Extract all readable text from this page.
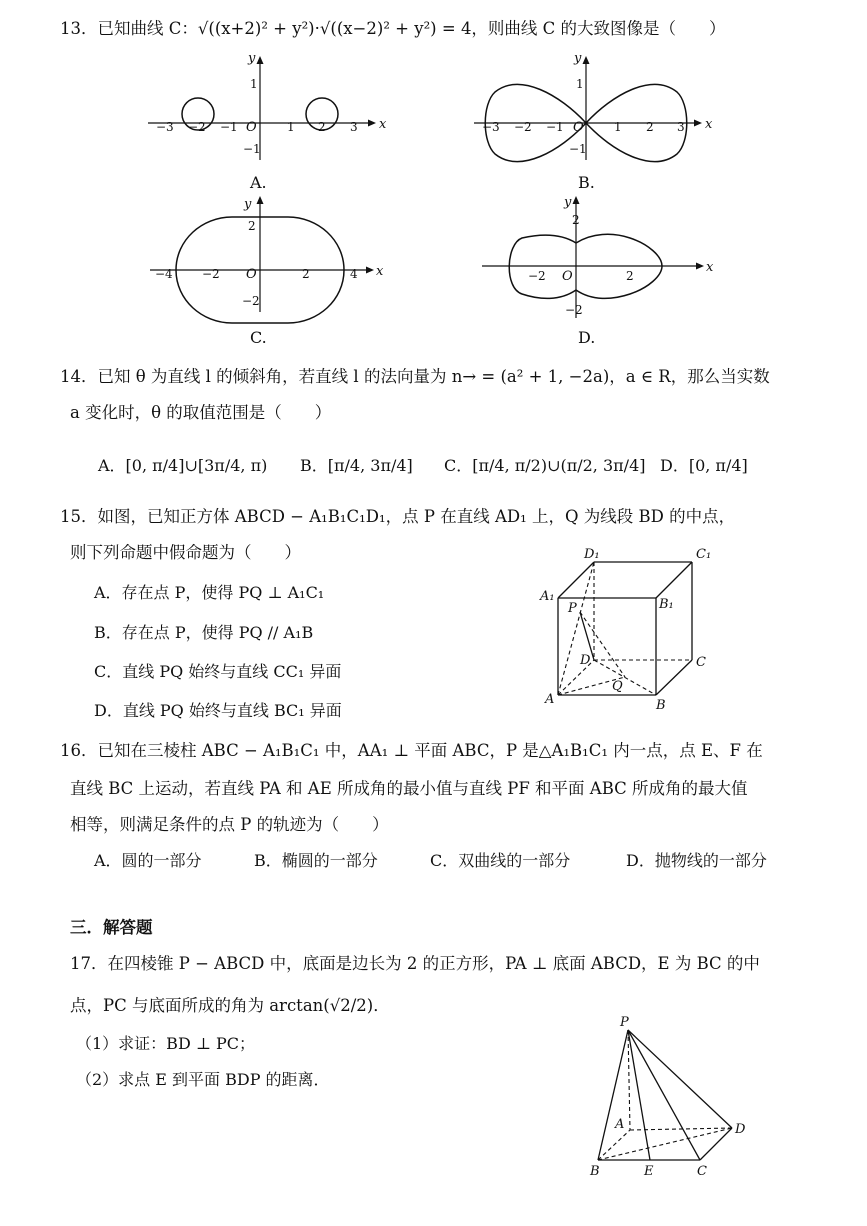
13．已知曲线 C：√((x+2)² + y²)·√((x−2)² + y²) = 4，则曲线 C 的大致图像是（　　）
x
y
−3 −2 −1 O	1 2 3
1
−1
A.
x
y
−3 −2 −1 O	1 2 3
1
−1
B.
x
y
−4 −2 O	2	4
2
−2
C.
x
y
−2 O	2
2
−2
D.
14．已知 θ 为直线 l 的倾斜角，若直线 l 的法向量为 n→ = (a² + 1, −2a)，a ∈ R，那么当实数
a 变化时，θ 的取值范围是（　　）
A．[0, π/4]∪[3π/4, π) B．[π/4, 3π/4] C．[π/4, π/2)∪(π/2, 3π/4] D．[0, π/4]
15．如图，已知正方体 ABCD − A₁B₁C₁D₁，点 P 在直线 AD₁ 上，Q 为线段 BD 的中点，
则下列命题中假命题为（　　）
A．存在点 P，使得 PQ ⊥ A₁C₁
B．存在点 P，使得 PQ // A₁B
C．直线 PQ 始终与直线 CC₁ 异面
D．直线 PQ 始终与直线 BC₁ 异面
D₁	C₁
A₁
B₁
P
D	C
Q
A	B
16．已知在三棱柱 ABC − A₁B₁C₁ 中，AA₁ ⊥ 平面 ABC，P 是△A₁B₁C₁ 内一点，点 E、F 在
直线 BC 上运动，若直线 PA 和 AE 所成角的最小值与直线 PF 和平面 ABC 所成角的最大值
相等，则满足条件的点 P 的轨迹为（　　）
A．圆的一部分	B．椭圆的一部分	C．双曲线的一部分	D．抛物线的一部分
三．解答题
17．在四棱锥 P − ABCD 中，底面是边长为 2 的正方形，PA ⊥ 底面 ABCD，E 为 BC 的中
点，PC 与底面所成的角为 arctan(√2/2)．
（1）求证：BD ⊥ PC；
（2）求点 E 到平面 BDP 的距离．
P
A	D
B	E	C
